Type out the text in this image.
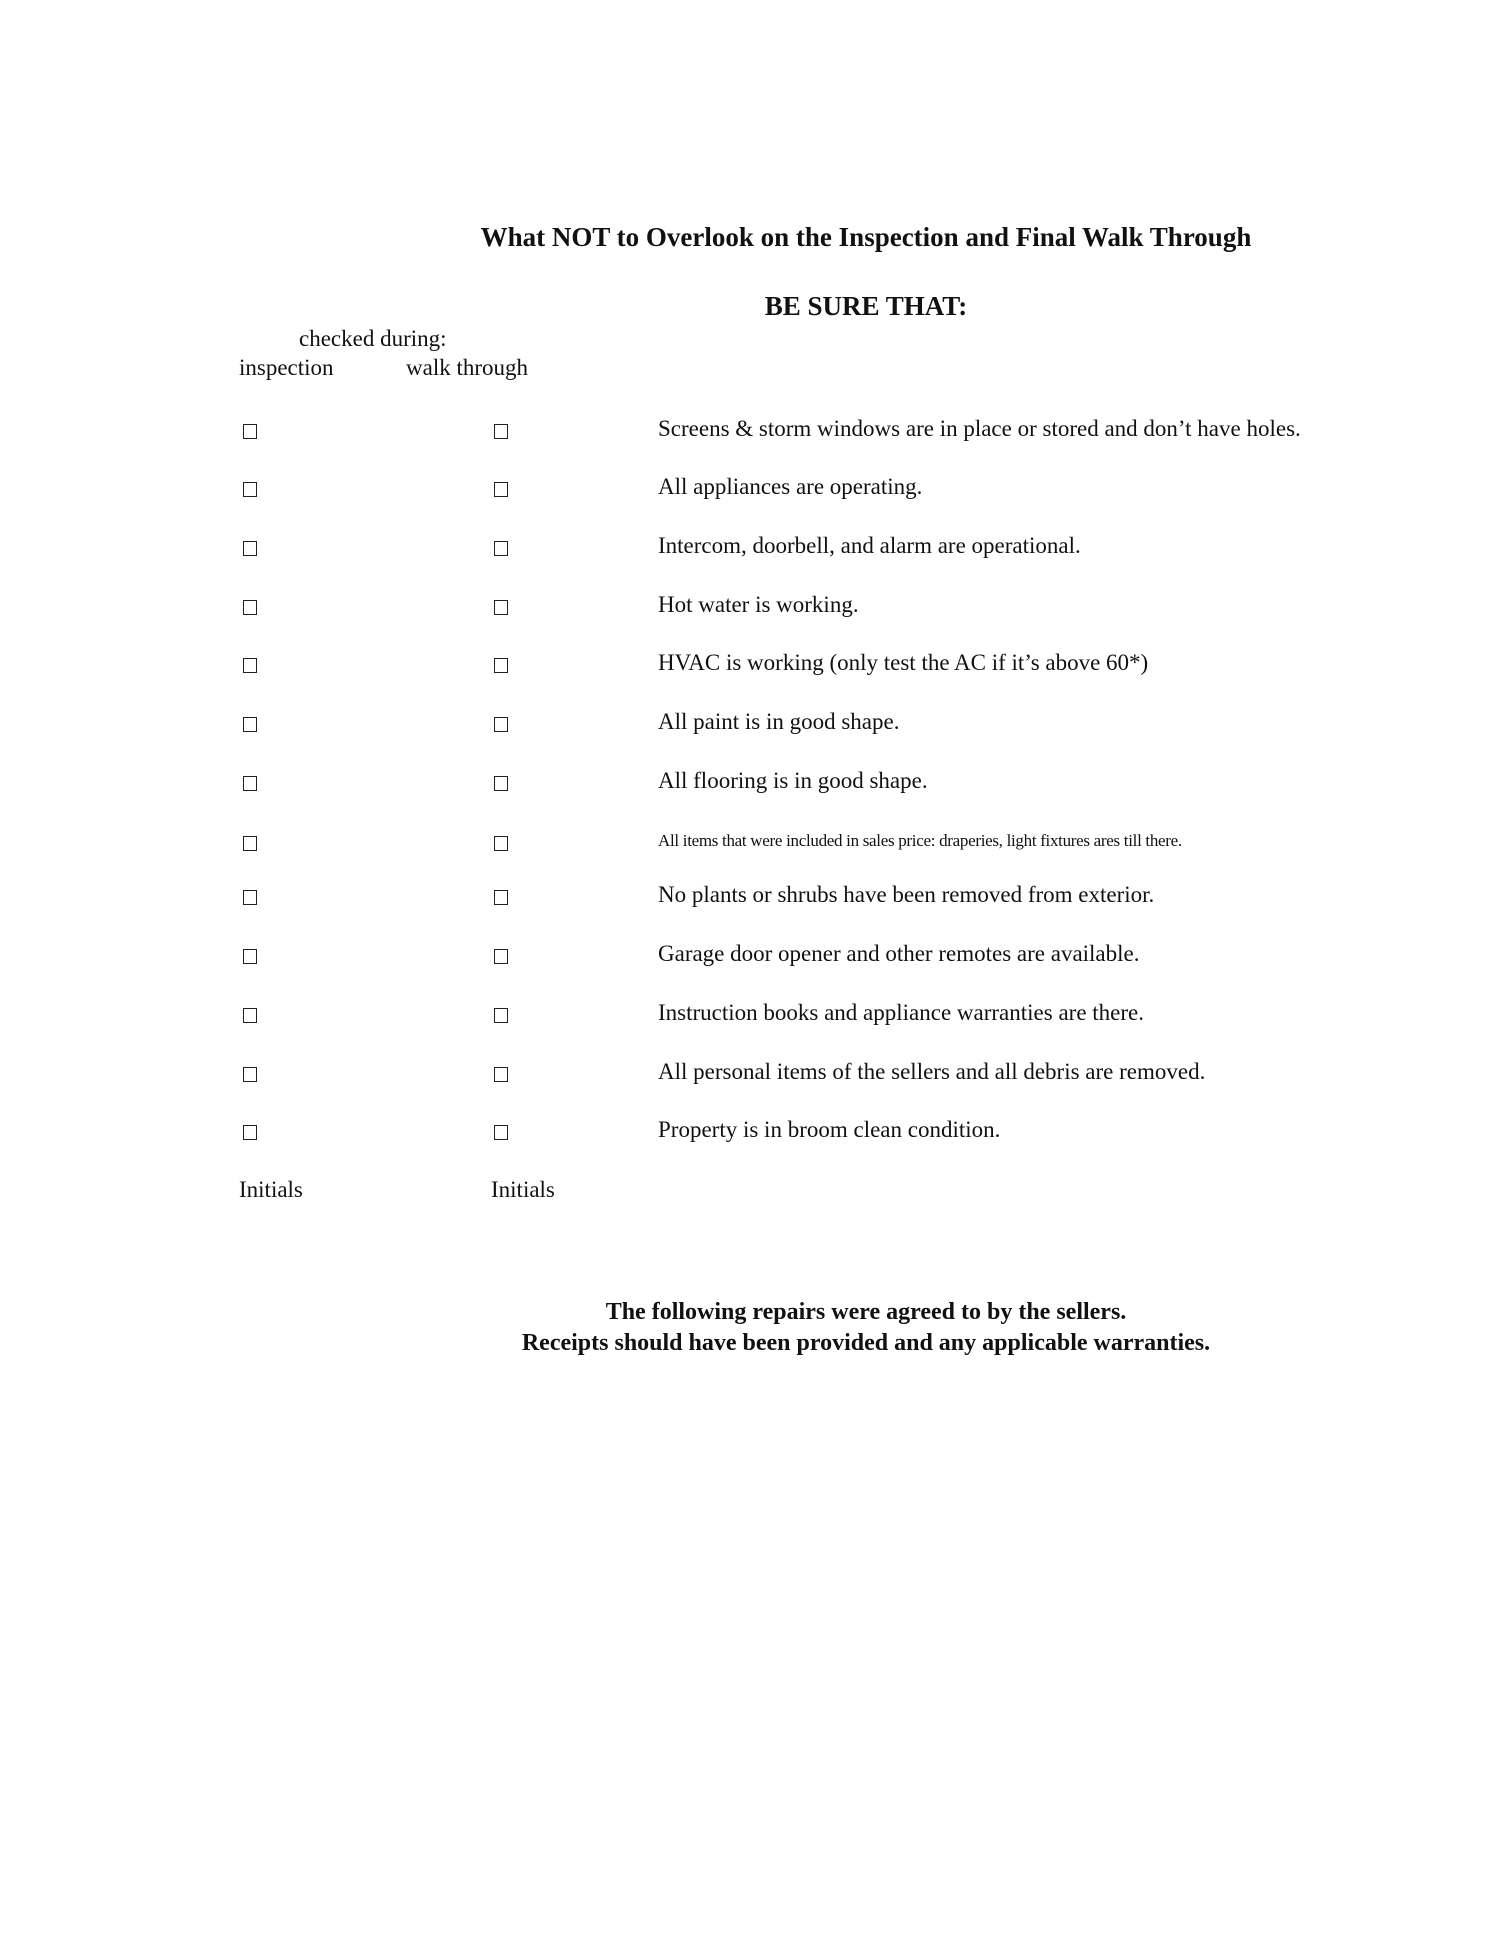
What NOT to Overlook on the Inspection and Final Walk Through
BE SURE THAT:
checked during:
inspection	walk through
Screens & storm windows are in place or stored and don’t have holes.
All appliances are operating.
Intercom, doorbell, and alarm are operational.
Hot water is working.
HVAC is working (only test the AC if it’s above 60*)
All paint is in good shape.
All flooring is in good shape.
All items that were included in sales price: draperies, light fixtures ares till there.
No plants or shrubs have been removed from exterior.
Garage door opener and other remotes are available.
Instruction books and appliance warranties are there.
All personal items of the sellers and all debris are removed.
Property is in broom clean condition.
Initials	Initials
The following repairs were agreed to by the sellers.
Receipts should have been provided and any applicable warranties.
